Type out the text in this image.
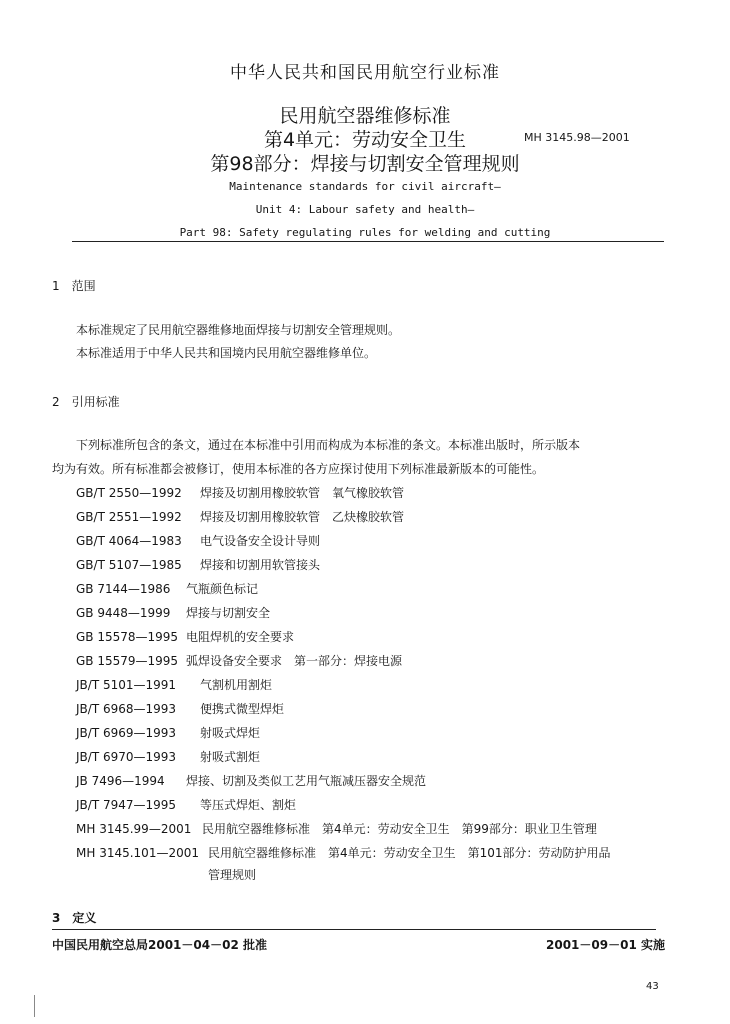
中华人民共和国民用航空行业标准
民用航空器维修标准
第4单元：劳动安全卫生	MH 3145.98—2001
第98部分：焊接与切割安全管理规则
Maintenance standards for civil aircraft—
Unit 4: Labour safety and health—
Part 98: Safety regulating rules for welding and cutting
1　范围
本标准规定了民用航空器维修地面焊接与切割安全管理规则。
本标准适用于中华人民共和国境内民用航空器维修单位。
2　引用标准
下列标准所包含的条文，通过在本标准中引用而构成为本标准的条文。本标准出版时，所示版本
均为有效。所有标准都会被修订，使用本标准的各方应探讨使用下列标准最新版本的可能性。
GB/T 2550—1992 焊接及切割用橡胶软管　氧气橡胶软管
GB/T 2551—1992 焊接及切割用橡胶软管　乙炔橡胶软管
GB/T 4064—1983 电气设备安全设计导则
GB/T 5107—1985 焊接和切割用软管接头
GB 7144—1986 气瓶颜色标记
GB 9448—1999 焊接与切割安全
GB 15578—1995 电阻焊机的安全要求
GB 15579—1995 弧焊设备安全要求　第一部分：焊接电源
JB/T 5101—1991 气割机用割炬
JB/T 6968—1993 便携式微型焊炬
JB/T 6969—1993 射吸式焊炬
JB/T 6970—1993 射吸式割炬
JB 7496—1994 焊接、切割及类似工艺用气瓶减压器安全规范
JB/T 7947—1995 等压式焊炬、割炬
MH 3145.99—2001 民用航空器维修标准　第4单元：劳动安全卫生　第99部分：职业卫生管理
MH 3145.101—2001 民用航空器维修标准　第4单元：劳动安全卫生　第101部分：劳动防护用品
管理规则
3　定义
中国民用航空总局2001－04－02 批准	2001－09－01 实施
43
